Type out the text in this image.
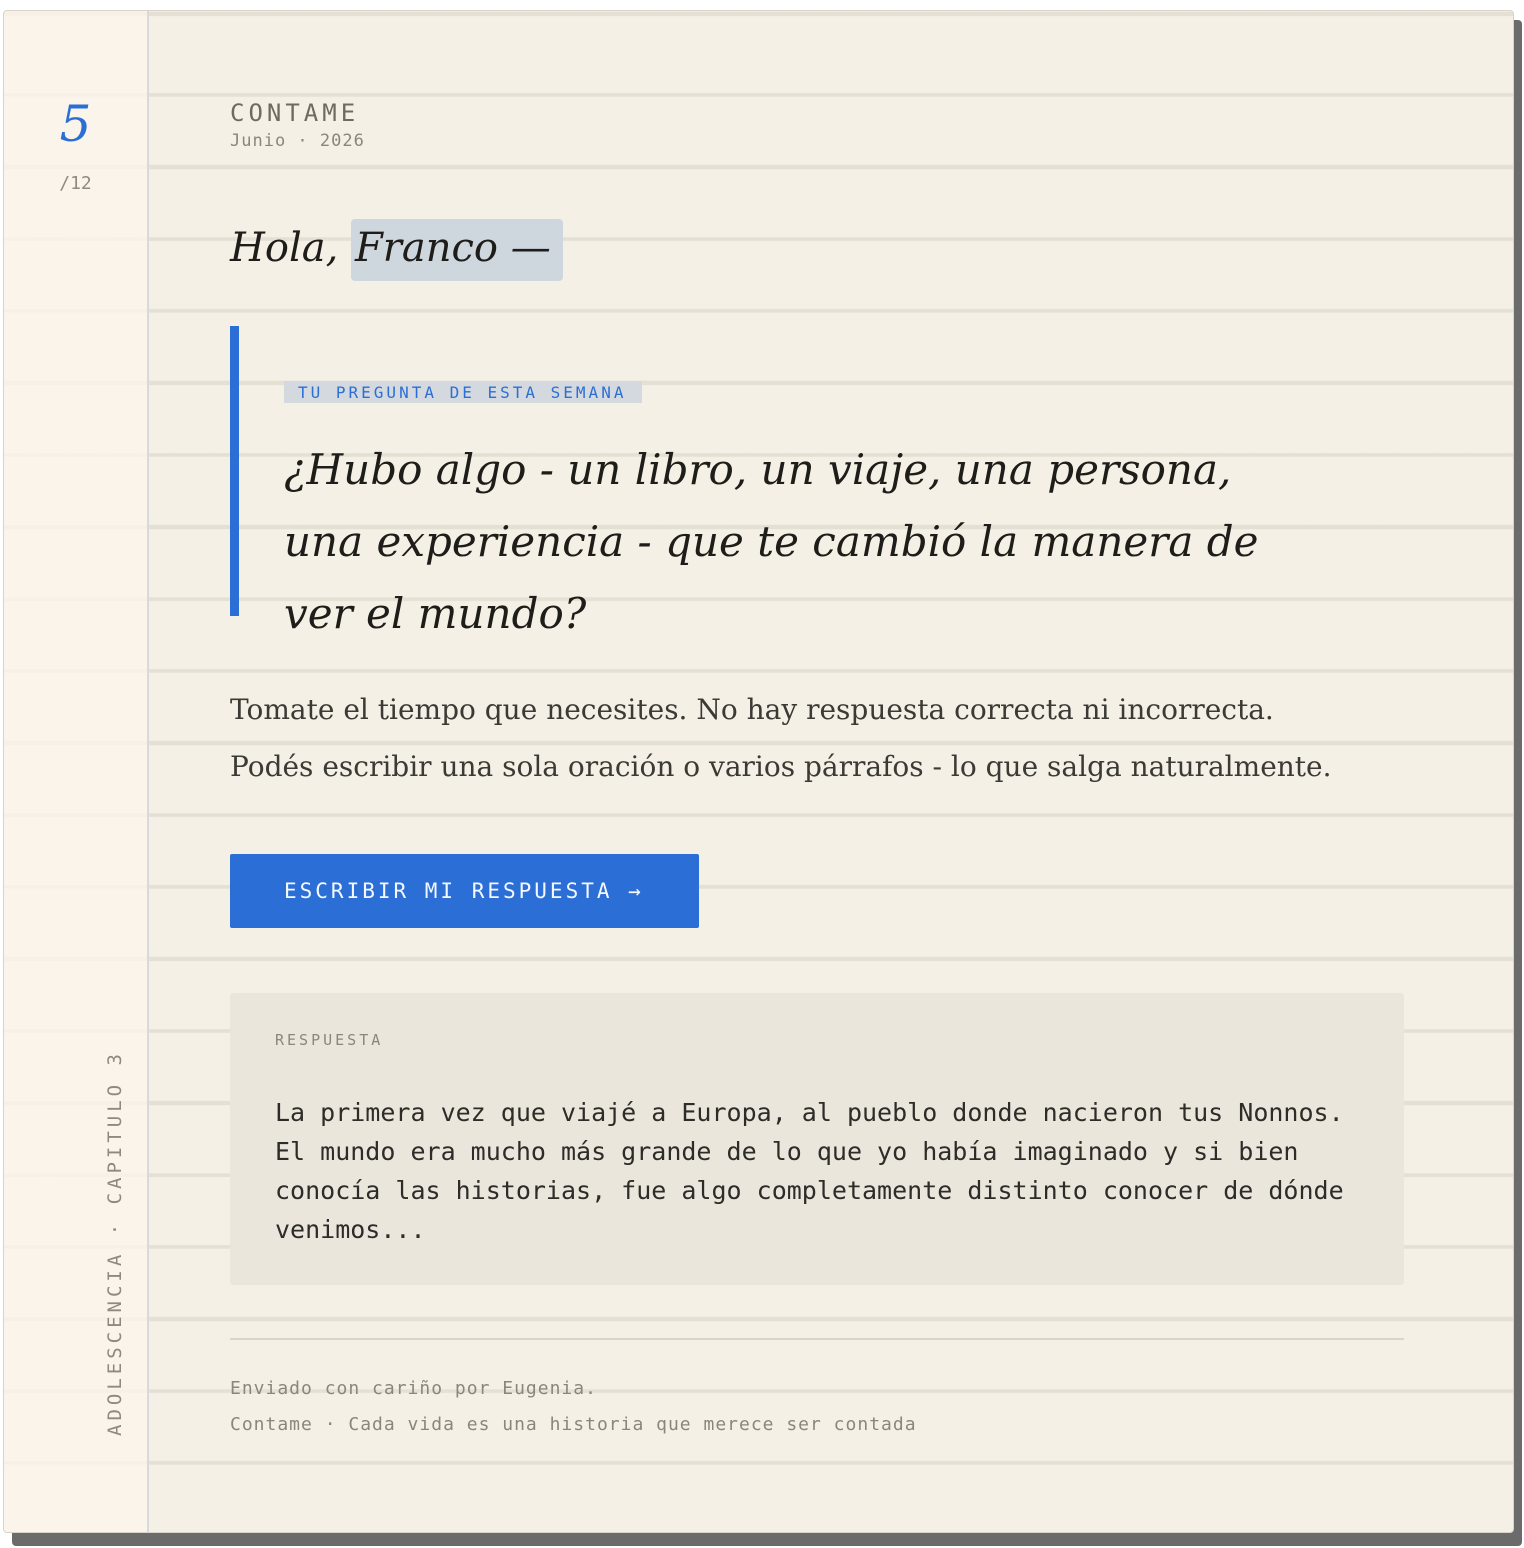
5
/12
ADOLESCENCIA · CAPITULO 3
CONTAME
Junio · 2026
Hola, Franco —
TU PREGUNTA DE ESTA SEMANA
¿Hubo algo - un libro, un viaje, una persona, una experiencia - que te cambió la manera de ver el mundo?

Tomate el tiempo que necesites. No hay respuesta correcta ni incorrecta.

Podés escribir una sola oración o varios párrafos - lo que salga naturalmente.

ESCRIBIR MI RESPUESTA →
RESPUESTA
La primera vez que viajé a Europa, al pueblo donde nacieron tus Nonnos. El mundo era mucho más grande de lo que yo había imaginado y si bien conocía las historias, fue algo completamente distinto conocer de dónde venimos...

Enviado con cariño por Eugenia.

Contame · Cada vida es una historia que merece ser contada
